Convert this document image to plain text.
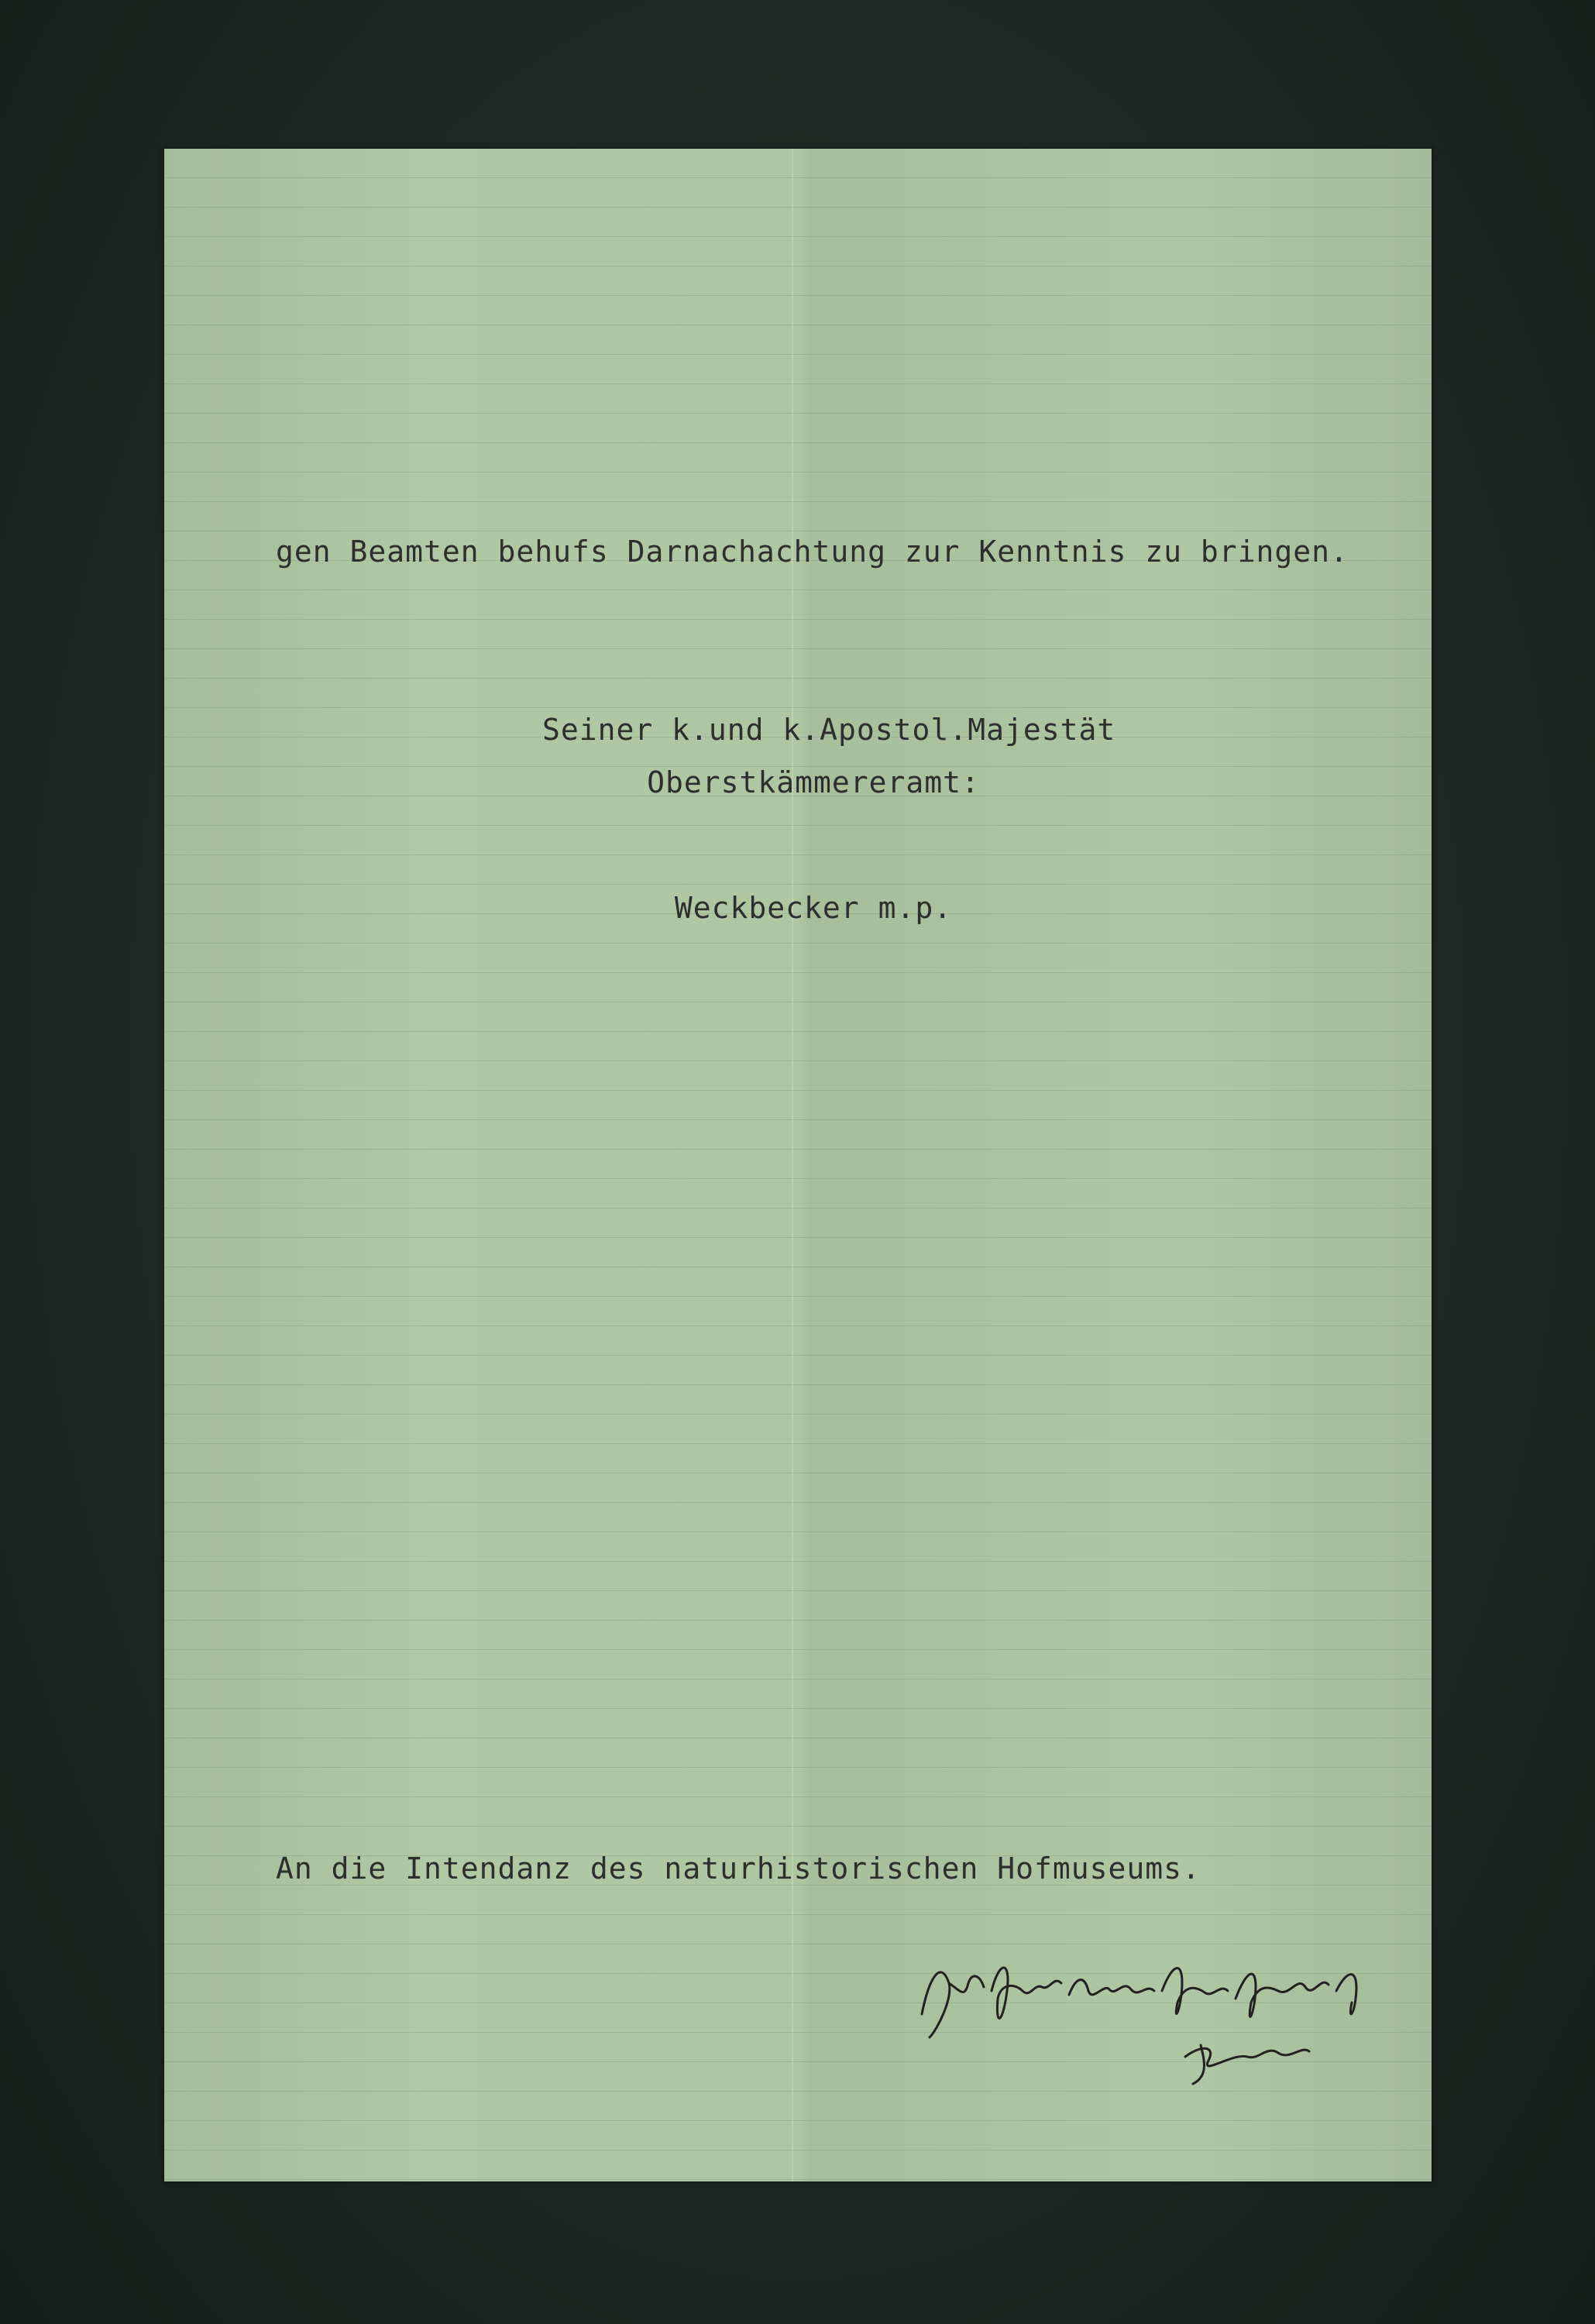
gen Beamten behufs Darnachachtung zur Kenntnis zu bringen.

Seiner k.und k.Apostol.Majestät

Oberstkämmereramt:

Weckbecker m.p.

An die Intendanz des naturhistorischen Hofmuseums.
